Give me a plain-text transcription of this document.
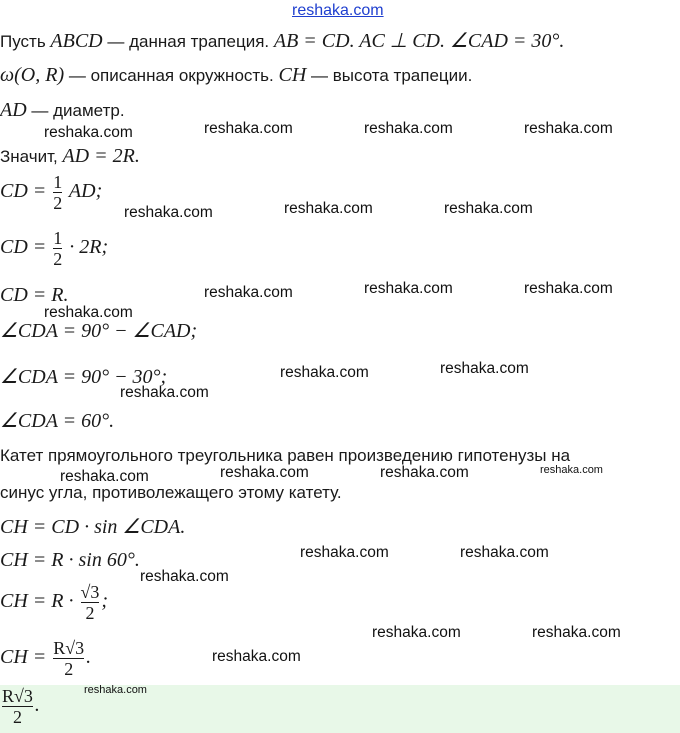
reshaka.com
Пусть ABCD — данная трапеция. AB = CD. AC ⊥ CD. ∠CAD = 30°.
ω(O, R) — описанная окружность. CH — высота трапеции.
AD — диаметр.
Значит, AD = 2R.
CD = $\frac{1}{2}$ AD;
CD = $\frac{1}{2} \cdot 2R$;
CD = R.
∠CDA = 90° − ∠CAD;
∠CDA = 90° − 30°;
∠CDA = 60°.
Катет прямоугольного треугольника равен произведению гипотенузы на
синус угла, противолежащего этому катету.
CH = CD · sin ∠CDA.
CH = R · sin 60°.
CH = $R \cdot \frac{√3}{2}$ ;
CH = $\frac{R√3}{2}$ .
$\frac{R√3}{2}$ .
reshaka.com	reshaka.com	reshaka.com	reshaka.com
reshaka.com	reshaka.com	reshaka.com
reshaka.com	reshaka.com	reshaka.com
reshaka.com
reshaka.com	reshaka.com
reshaka.com
reshaka.com	reshaka.com	reshaka.com	reshaka.com
reshaka.com	reshaka.com
reshaka.com
reshaka.com	reshaka.com
reshaka.com
reshaka.com
